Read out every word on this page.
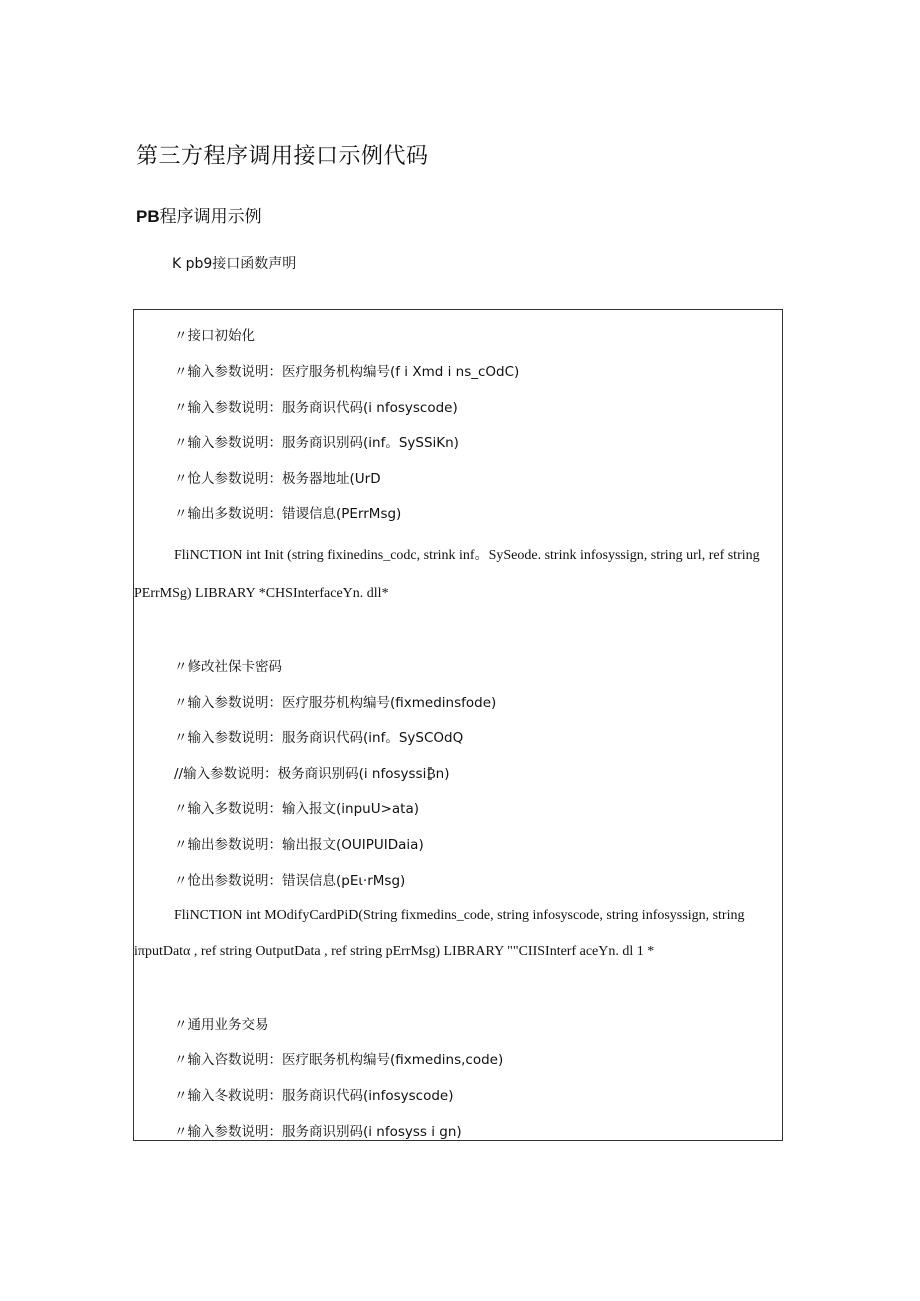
第三方程序调用接口示例代码
PB程序调用示例

K pb9接口函数声明

〃接口初始化
〃输入参数说明：医疗服务机构编号(f i Xmd i ns_cOdC)
〃输入参数说明：服务商识代码(i nfosyscode)
〃输入参数说明：服务商识别码(inf。SySSiKn)
〃怆人参数说明：极务器地址(UrD
〃输出多数说明：错谡信息(PErrMsg)
FliNCTION int Init (string fixinedins_codc, strink inf。SySeode. strink infosyssign, string url, ref string
PErrMSg) LIBRARY *CHSInterfaceYn. dll*
〃修改社保卡密码
〃输入参数说明：医疗服芬机构编号(fixmedinsfode)
〃输入参数说明：服务商识代码(inf。SySCOdQ
//输入参数说明：极务商识别码(i nfosyssi₿n)
〃输入多数说明：输入报文(inpuU>ata)
〃输出参数说明：输出报文(OUIPUIDaia)
〃怆出参数说明：错误信息(pEι·rMsg)
FliNCTION int MOdifyCardPiD(String fixmedins_code, string infosyscode, string infosyssign, string
iπputDatα , ref string OutputData , ref string pErrMsg) LIBRARY ""CIISInterf aceYn. dl 1 *
〃通用业务交易
〃输入咨数说明：医疗眠务机构编号(fixmedins,code)
〃输入冬救说明：服务商识代码(infosyscode)
〃输入参数说明：服务商识别码(i nfosyss i gn)
